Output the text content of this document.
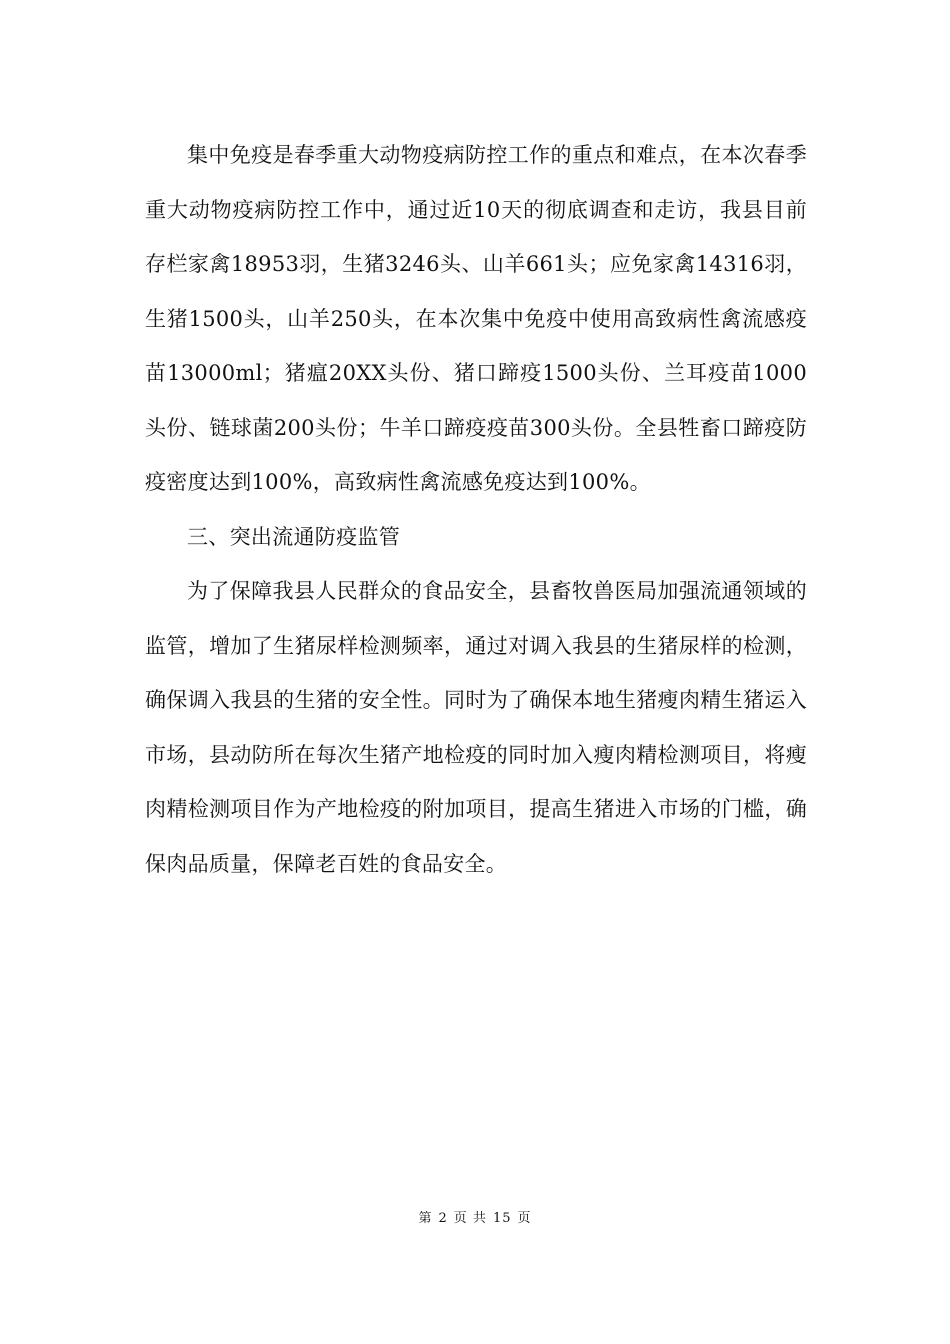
集中免疫是春季重大动物疫病防控工作的重点和难点，在本次春季重大动物疫病防控工作中，通过近10天的彻底调查和走访，我县目前存栏家禽18953羽，生猪3246头、山羊661头；应免家禽14316羽，生猪1500头，山羊250头，在本次集中免疫中使用高致病性禽流感疫苗13000ml；猪瘟20XX头份、猪口蹄疫1500头份、兰耳疫苗1000头份、链球菌200头份；牛羊口蹄疫疫苗300头份。全县牲畜口蹄疫防疫密度达到100%，高致病性禽流感免疫达到100%。

三、突出流通防疫监管

为了保障我县人民群众的食品安全，县畜牧兽医局加强流通领域的监管，增加了生猪尿样检测频率，通过对调入我县的生猪尿样的检测，确保调入我县的生猪的安全性。同时为了确保本地生猪瘦肉精生猪运入市场，县动防所在每次生猪产地检疫的同时加入瘦肉精检测项目，将瘦肉精检测项目作为产地检疫的附加项目，提高生猪进入市场的门槛，确保肉品质量，保障老百姓的食品安全。

第 2 页 共 15 页
